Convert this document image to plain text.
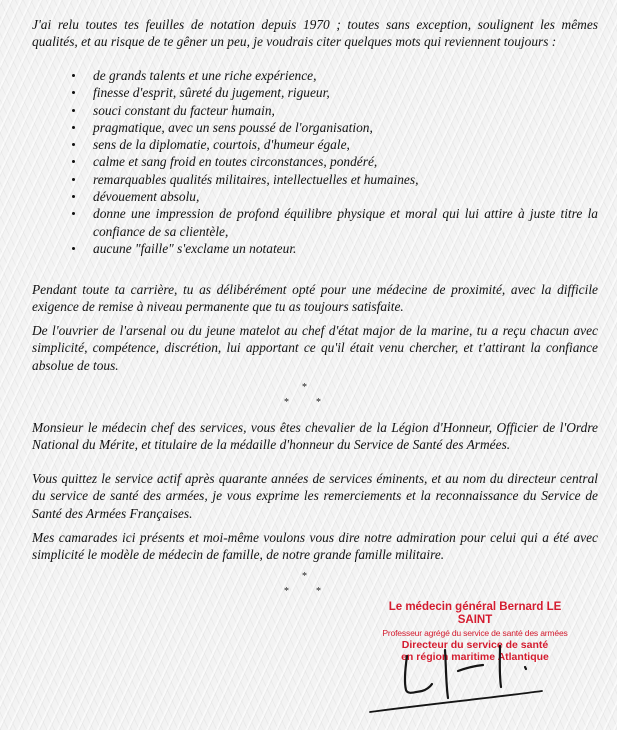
J'ai relu toutes tes feuilles de notation depuis 1970 ; toutes sans exception, soulignent les mêmes qualités, et au risque de te gêner un peu, je voudrais citer quelques mots qui reviennent toujours :

de grands talents et une riche expérience,
finesse d'esprit, sûreté du jugement, rigueur,
souci constant du facteur humain,
pragmatique, avec un sens poussé de l'organisation,
sens de la diplomatie, courtois, d'humeur égale,
calme et sang froid en toutes circonstances, pondéré,
remarquables qualités militaires, intellectuelles et humaines,
dévouement absolu,
donne une impression de profond équilibre physique et moral qui lui attire à juste titre la confiance de sa clientèle,
aucune "faille" s'exclame un notateur.

Pendant toute ta carrière, tu as délibérément opté pour une médecine de proximité, avec la difficile exigence de remise à niveau permanente que tu as toujours satisfaite.

De l'ouvrier de l'arsenal ou du jeune matelot au chef d'état major de la marine, tu a reçu chacun avec simplicité, compétence, discrétion, lui apportant ce qu'il était venu chercher, et t'attirant la confiance absolue de tous.

*
*	*

Monsieur le médecin chef des services, vous êtes chevalier de la Légion d'Honneur, Officier de l'Ordre National du Mérite, et titulaire de la médaille d'honneur du Service de Santé des Armées.

Vous quittez le service actif après quarante années de services éminents, et au nom du directeur central du service de santé des armées, je vous exprime les remerciements et la reconnaissance du Service de Santé des Armées Françaises.

Mes camarades ici présents et moi-même voulons vous dire notre admiration pour celui qui a été avec simplicité le modèle de médecin de famille, de notre grande famille militaire.

*
*	*
Le médecin général Bernard LE SAINT
Professeur agrégé du service de santé des armées
Directeur du service de santé
en région maritime Atlantique
